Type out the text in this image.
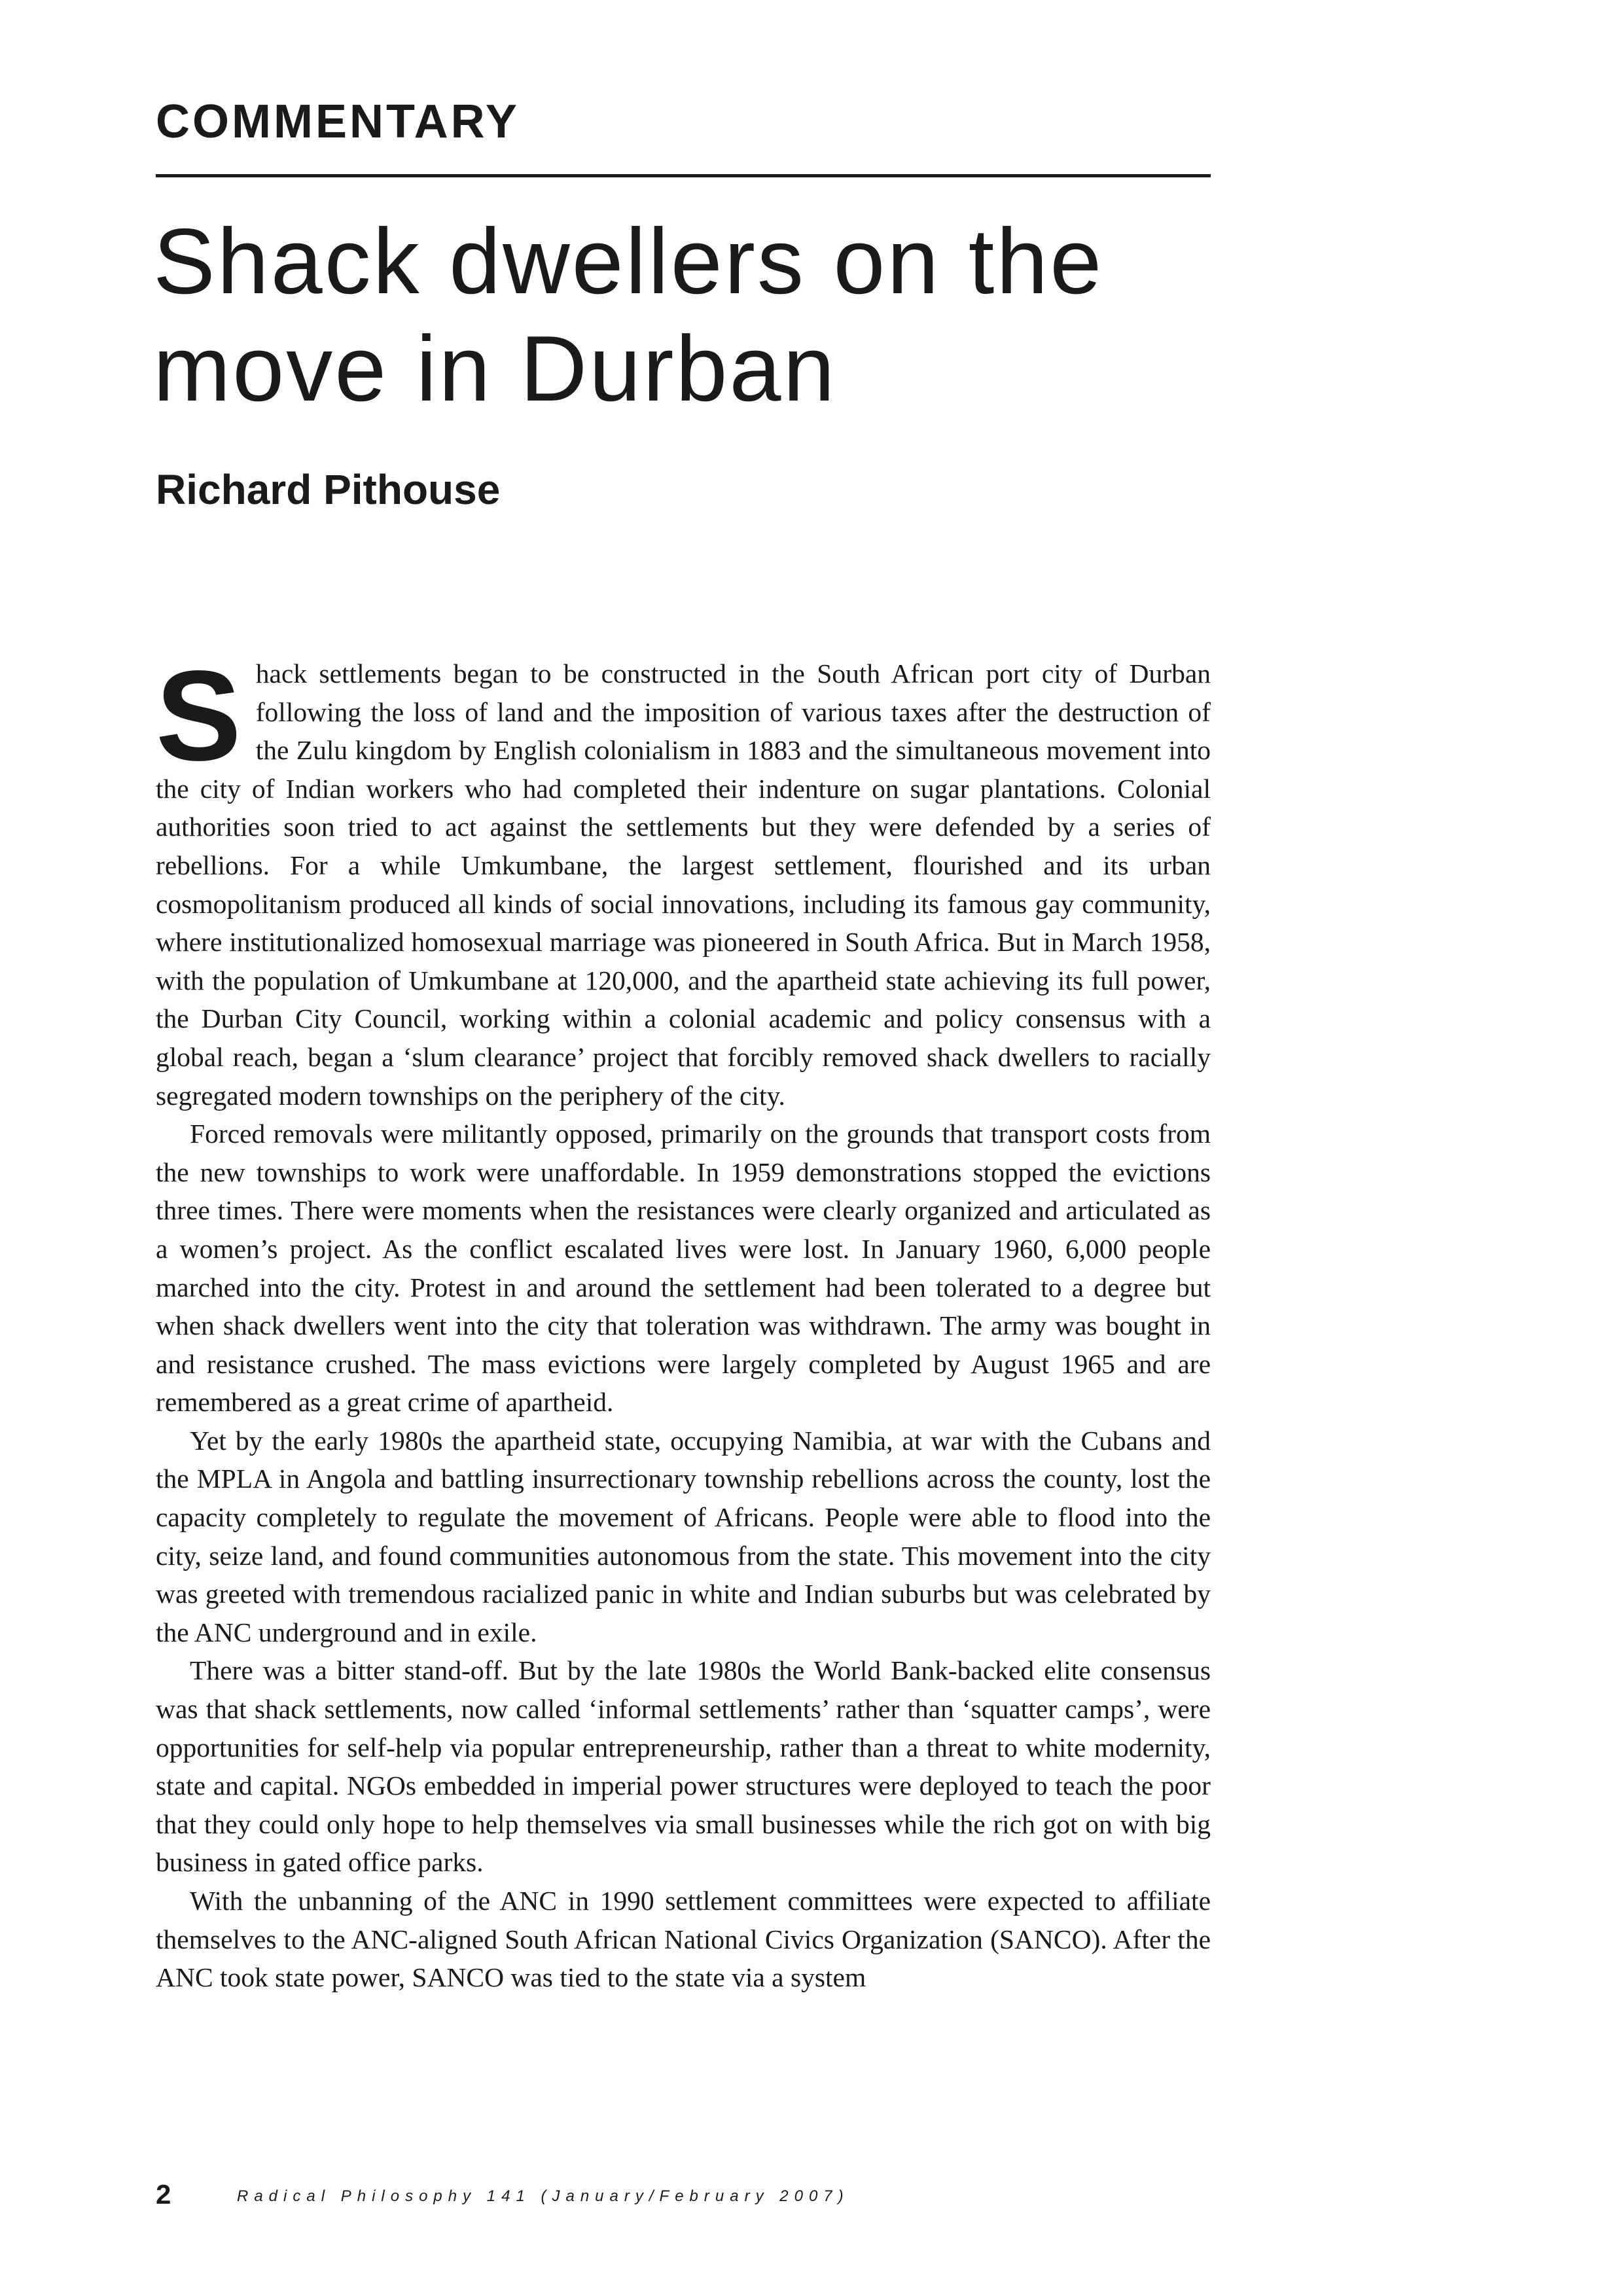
COMMENTARY
Shack dwellers on the move in Durban
Richard Pithouse

Shack settlements began to be constructed in the South African port city of Durban following the loss of land and the imposition of various taxes after the destruction of the Zulu kingdom by English colonialism in 1883 and the simultaneous movement into the city of Indian workers who had completed their indenture on sugar plantations. Colonial authorities soon tried to act against the settlements but they were defended by a series of rebellions. For a while Umkumbane, the largest settlement, flourished and its urban cosmopolitanism produced all kinds of social innovations, including its famous gay community, where institutionalized homosexual marriage was pioneered in South Africa. But in March 1958, with the population of Umkumbane at 120,000, and the apartheid state achieving its full power, the Durban City Council, working within a colonial academic and policy consensus with a global reach, began a ‘slum clearance’ project that forcibly removed shack dwellers to racially segregated modern townships on the periphery of the city.

Forced removals were militantly opposed, primarily on the grounds that transport costs from the new townships to work were unaffordable. In 1959 demonstrations stopped the evictions three times. There were moments when the resistances were clearly organized and articulated as a women’s project. As the conflict escalated lives were lost. In January 1960, 6,000 people marched into the city. Protest in and around the settlement had been tolerated to a degree but when shack dwellers went into the city that toleration was withdrawn. The army was bought in and resistance crushed. The mass evictions were largely completed by August 1965 and are remembered as a great crime of apartheid.

Yet by the early 1980s the apartheid state, occupying Namibia, at war with the Cubans and the MPLA in Angola and battling insurrectionary township rebellions across the county, lost the capacity completely to regulate the movement of Africans. People were able to flood into the city, seize land, and found communities autonomous from the state. This movement into the city was greeted with tremendous racialized panic in white and Indian suburbs but was celebrated by the ANC underground and in exile.

There was a bitter stand-off. But by the late 1980s the World Bank-backed elite consensus was that shack settlements, now called ‘informal settlements’ rather than ‘squatter camps’, were opportunities for self-help via popular entrepreneurship, rather than a threat to white modernity, state and capital. NGOs embedded in imperial power structures were deployed to teach the poor that they could only hope to help themselves via small businesses while the rich got on with big business in gated office parks.

With the unbanning of the ANC in 1990 settlement committees were expected to affiliate themselves to the ANC-aligned South African National Civics Organization (SANCO). After the ANC took state power, SANCO was tied to the state via a system

2	Radical Philosophy 141 (January/February 2007)
